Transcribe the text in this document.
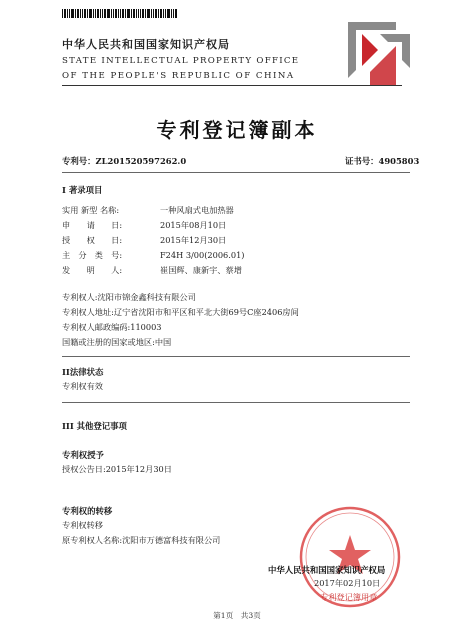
中华人民共和国国家知识产权局
STATE INTELLECTUAL PROPERTY OFFICE
OF THE PEOPLE'S REPUBLIC OF CHINA
专利登记簿副本
专利号：ZL201520597262.0	证书号：4905803
I 著录项目
实用 新型 名称:	一种风扇式电加热器
申　　请　　日:	2015年08月10日
授　　权　　日:	2015年12月30日
主　分　类　号:	F24H 3/00(2006.01)
发　　明　　人:	崔国辉、康新宇、蔡增
专利权人:沈阳市锦金鑫科技有限公司
专利权人地址:辽宁省沈阳市和平区和平北大街69号C座2406房间
专利权人邮政编码:110003
国籍或注册的国家或地区:中国
II法律状态
专利权有效
III 其他登记事项
专利权授予
授权公告日:2015年12月30日
专利权的转移
专利权转移
原专利权人名称:沈阳市万德富科技有限公司
中华人民共和国国家知识产权局
2017年02月10日
专利登记簿用章
第1页　共3页
